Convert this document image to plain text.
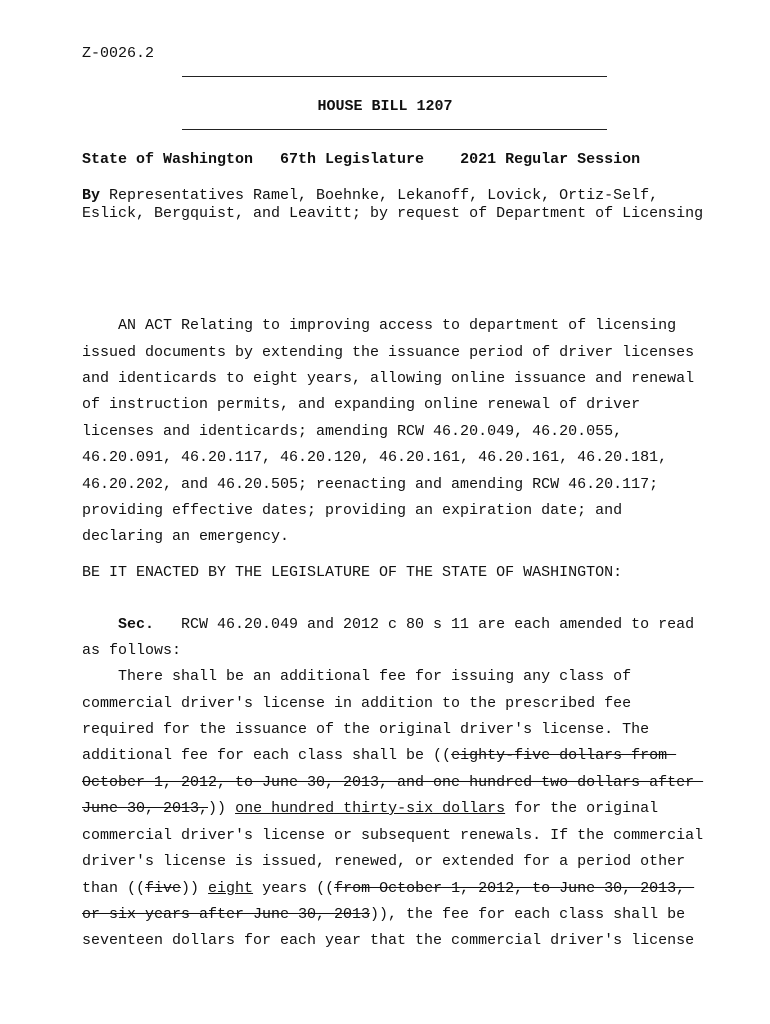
Z-0026.2
HOUSE BILL 1207
State of Washington 67th Legislature 2021 Regular Session
By Representatives Ramel, Boehnke, Lekanoff, Lovick, Ortiz-Self,
Eslick, Bergquist, and Leavitt; by request of Department of Licensing
AN ACT Relating to improving access to department of licensing
issued documents by extending the issuance period of driver licenses
and identicards to eight years, allowing online issuance and renewal
of instruction permits, and expanding online renewal of driver
licenses and identicards; amending RCW 46.20.049, 46.20.055,
46.20.091, 46.20.117, 46.20.120, 46.20.161, 46.20.161, 46.20.181,
46.20.202, and 46.20.505; reenacting and amending RCW 46.20.117;
providing effective dates; providing an expiration date; and
declaring an emergency.
BE IT ENACTED BY THE LEGISLATURE OF THE STATE OF WASHINGTON:
Sec. RCW 46.20.049 and 2012 c 80 s 11 are each amended to read
as follows:
There shall be an additional fee for issuing any class of
commercial driver's license in addition to the prescribed fee
required for the issuance of the original driver's license. The
additional fee for each class shall be ((eighty-five dollars from
October 1, 2012, to June 30, 2013, and one hundred two dollars after
June 30, 2013,)) one hundred thirty-six dollars for the original
commercial driver's license or subsequent renewals. If the commercial
driver's license is issued, renewed, or extended for a period other
than ((five)) eight years ((from October 1, 2012, to June 30, 2013,
or six years after June 30, 2013)), the fee for each class shall be
seventeen dollars for each year that the commercial driver's license
